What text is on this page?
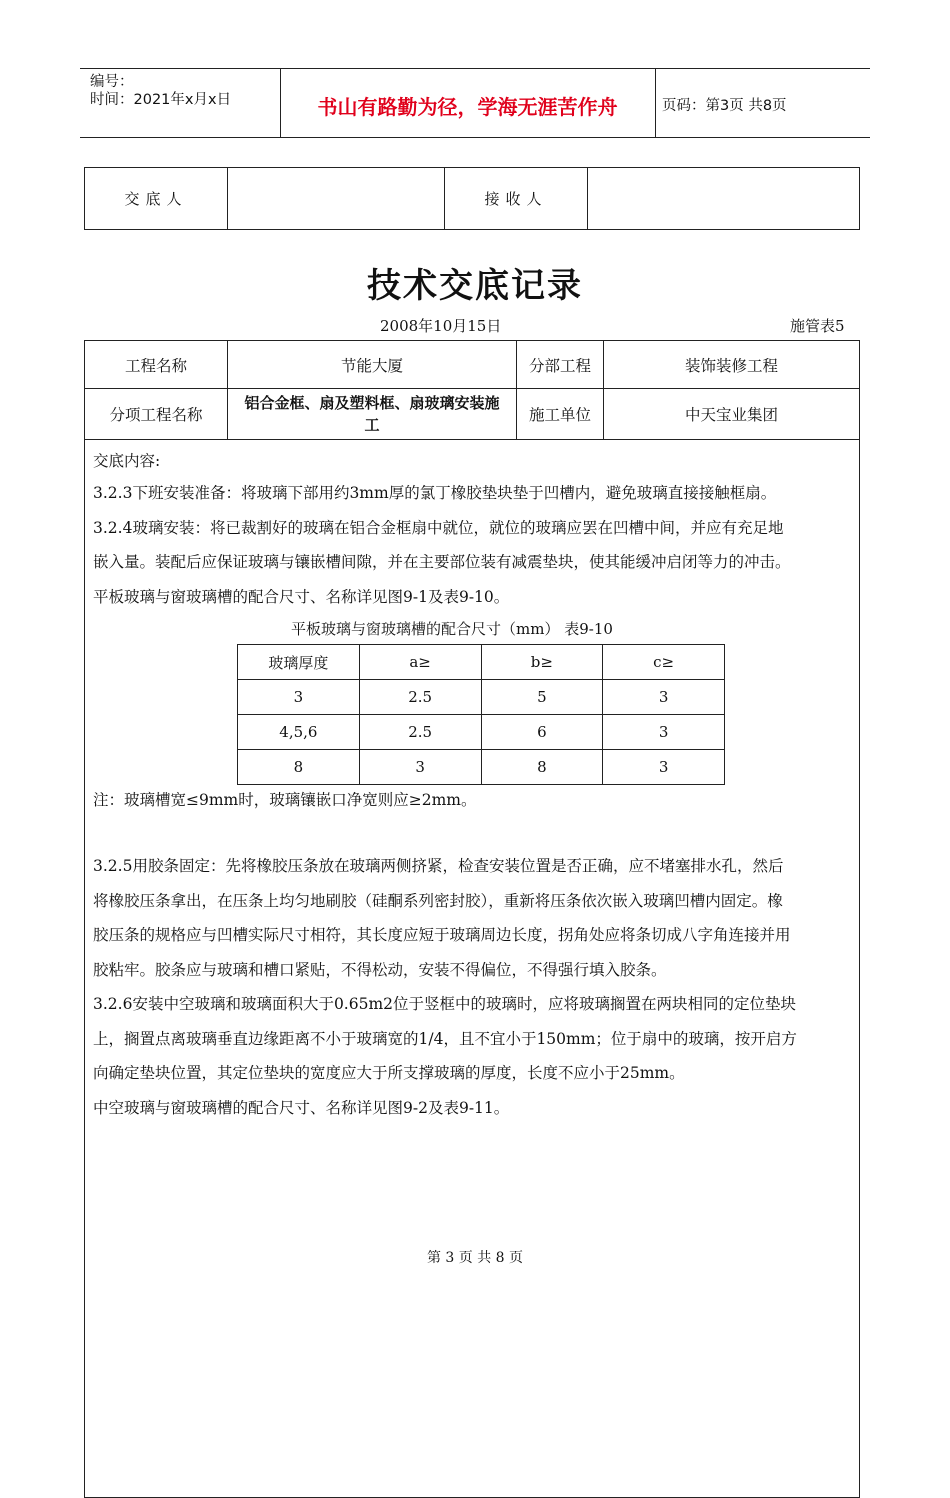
编号：
时间：2021年x月x日	书山有路勤为径，学海无涯苦作舟	页码：第3页 共8页
交底人		接收人	
技术交底记录
2008年10月15日	施管表5
工程名称	节能大厦	分部工程	装饰装修工程
分项工程名称	铝合金框、扇及塑料框、扇玻璃安装施工	施工单位	中天宝业集团

交底内容:
3.2.3下班安装准备：将玻璃下部用约3mm厚的氯丁橡胶垫块垫于凹槽内，避免玻璃直接接触框扇。
3.2.4玻璃安装：将已裁割好的玻璃在铝合金框扇中就位，就位的玻璃应罢在凹槽中间，并应有充足地
嵌入量。装配后应保证玻璃与镶嵌槽间隙，并在主要部位装有减震垫块，使其能缓冲启闭等力的冲击。
平板玻璃与窗玻璃槽的配合尺寸、名称详见图9-1及表9-10。
平板玻璃与窗玻璃槽的配合尺寸（mm） 表9-10
玻璃厚度	a≥	b≥	c≥
3	2.5	5	3
4,5,6	2.5	6	3
8	3	8	3
注：玻璃槽宽≤9mm时，玻璃镶嵌口净宽则应≥2mm。
3.2.5用胶条固定：先将橡胶压条放在玻璃两侧挤紧，检查安装位置是否正确，应不堵塞排水孔，然后
将橡胶压条拿出，在压条上均匀地刷胶（硅酮系列密封胶），重新将压条依次嵌入玻璃凹槽内固定。橡
胶压条的规格应与凹槽实际尺寸相符，其长度应短于玻璃周边长度，拐角处应将条切成八字角连接并用
胶粘牢。胶条应与玻璃和槽口紧贴，不得松动，安装不得偏位，不得强行填入胶条。
3.2.6安装中空玻璃和玻璃面积大于0.65m2位于竖框中的玻璃时，应将玻璃搁置在两块相同的定位垫块
上，搁置点离玻璃垂直边缘距离不小于玻璃宽的1/4，且不宜小于150mm；位于扇中的玻璃，按开启方
向确定垫块位置，其定位垫块的宽度应大于所支撑玻璃的厚度，长度不应小于25mm。
中空玻璃与窗玻璃槽的配合尺寸、名称详见图9-2及表9-11。
第 3 页 共 8 页
